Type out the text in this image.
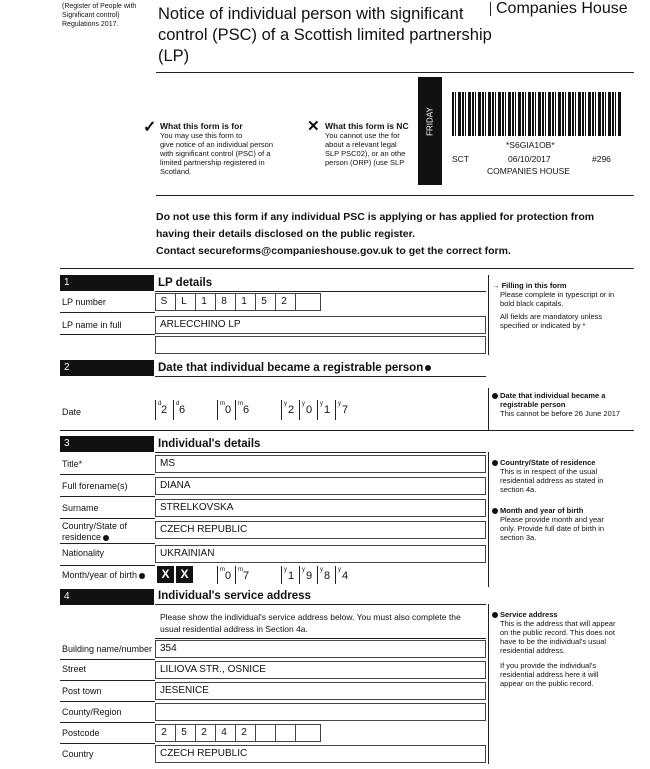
(Register of People with
Significant control)
Regulations 2017.
Notice of individual person with significant
control (PSC) of a Scottish limited partnership
(LP)
Companies House
✓ What this form is for
You may use this form to
give notice of an individual person
with significant control (PSC) of a
limited partnership registered in
Scotland.
✕ What this form is NC
You cannot use the for
about a relevant legal
SLP PSC02), or an othe
person (ORP) (use SLP
FRIDAY
*S6GIA1OB*
SCT	06/10/2017	#296
COMPANIES HOUSE
Do not use this form if any individual PSC is applying or has applied for protection from
having their details disclosed on the public register.
Contact secureforms@companieshouse.gov.uk to get the correct form.
1	LP details
LP number	S	L	1	8	1	5	2
LP name in full	ARLECCHINO LP
→ Filling in this form
Please complete in typescript or in
bold black capitals.
All fields are mandatory unless
specified or indicated by *
2	Date that individual became a registrable person
Date
d 2 d 6	m 0 m 6	y 2 y 0 y 1 y 7
Date that individual became a
registrable person
This cannot be before 26 June 2017
3	Individual's details
Title*	MS
Full forename(s)	DIANA
Surname	STRELKOVSKA
Country/State of
residence
CZECH REPUBLIC
Nationality	UKRAINIAN
Month/year of birth	X X	m 0 m 7	y 1 y 9 y 8 y 4
Country/State of residence
This is in respect of the usual
residential address as stated in
section 4a.
Month and year of birth
Please provide month and year
only. Provide full date of birth in
section 3a.
4	Individual's service address
Please show the individual's service address below. You must also complete the
usual residential address in Section 4a.
Building name/number 354
Street	LILIOVA STR., OSNICE
Post town	JESENICE
County/Region
Postcode	2	5	2	4	2
Country	CZECH REPUBLIC
Service address
This is the address that will appear
on the public record. This does not
have to be the individual's usual
residential address.
If you provide the individual's
residential address here it will
appear on the public record.
